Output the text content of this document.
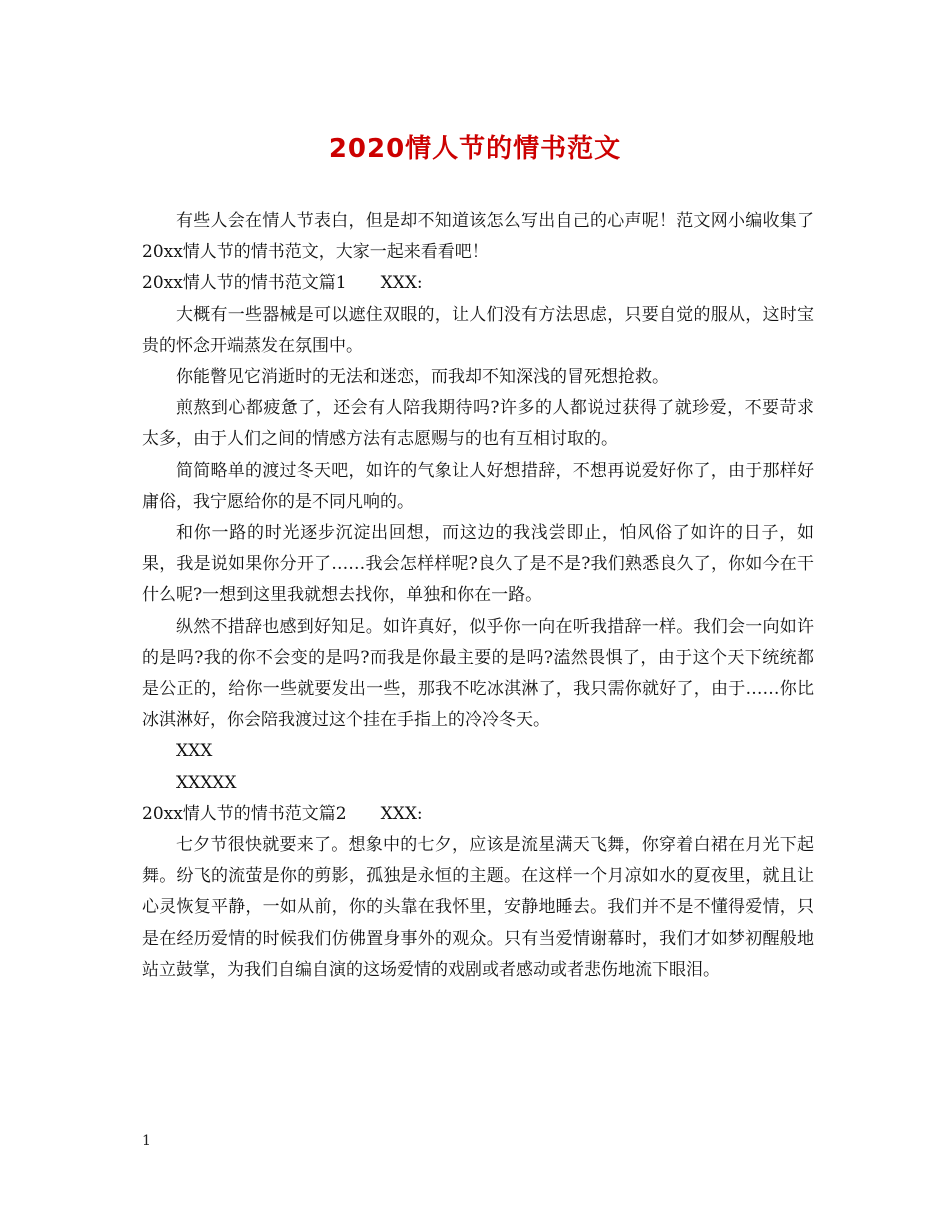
2020情人节的情书范文

有些人会在情人节表白，但是却不知道该怎么写出自己的心声呢！范文网小编收集了20xx情人节的情书范文，大家一起来看看吧！

20xx情人节的情书范文篇1 XXX:

大概有一些器械是可以遮住双眼的，让人们没有方法思虑，只要自觉的服从，这时宝贵的怀念开端蒸发在氛围中。

你能瞥见它消逝时的无法和迷恋，而我却不知深浅的冒死想抢救。

煎熬到心都疲惫了，还会有人陪我期待吗?许多的人都说过获得了就珍爱，不要苛求太多，由于人们之间的情感方法有志愿赐与的也有互相讨取的。

简简略单的渡过冬天吧，如许的气象让人好想措辞，不想再说爱好你了，由于那样好庸俗，我宁愿给你的是不同凡响的。

和你一路的时光逐步沉淀出回想，而这边的我浅尝即止，怕风俗了如许的日子，如果，我是说如果你分开了……我会怎样样呢?良久了是不是?我们熟悉良久了，你如今在干什么呢?一想到这里我就想去找你，单独和你在一路。

纵然不措辞也感到好知足。如许真好，似乎你一向在听我措辞一样。我们会一向如许的是吗?我的你不会变的是吗?而我是你最主要的是吗?溘然畏惧了，由于这个天下统统都是公正的，给你一些就要发出一些，那我不吃冰淇淋了，我只需你就好了，由于……你比冰淇淋好，你会陪我渡过这个挂在手指上的冷冷冬天。

XXX

XXXXX

20xx情人节的情书范文篇2 XXX:

七夕节很快就要来了。想象中的七夕，应该是流星满天飞舞，你穿着白裙在月光下起舞。纷飞的流萤是你的剪影，孤独是永恒的主题。在这样一个月凉如水的夏夜里，就且让心灵恢复平静，一如从前，你的头靠在我怀里，安静地睡去。我们并不是不懂得爱情，只是在经历爱情的时候我们仿佛置身事外的观众。只有当爱情谢幕时，我们才如梦初醒般地站立鼓掌，为我们自编自演的这场爱情的戏剧或者感动或者悲伤地流下眼泪。

1
